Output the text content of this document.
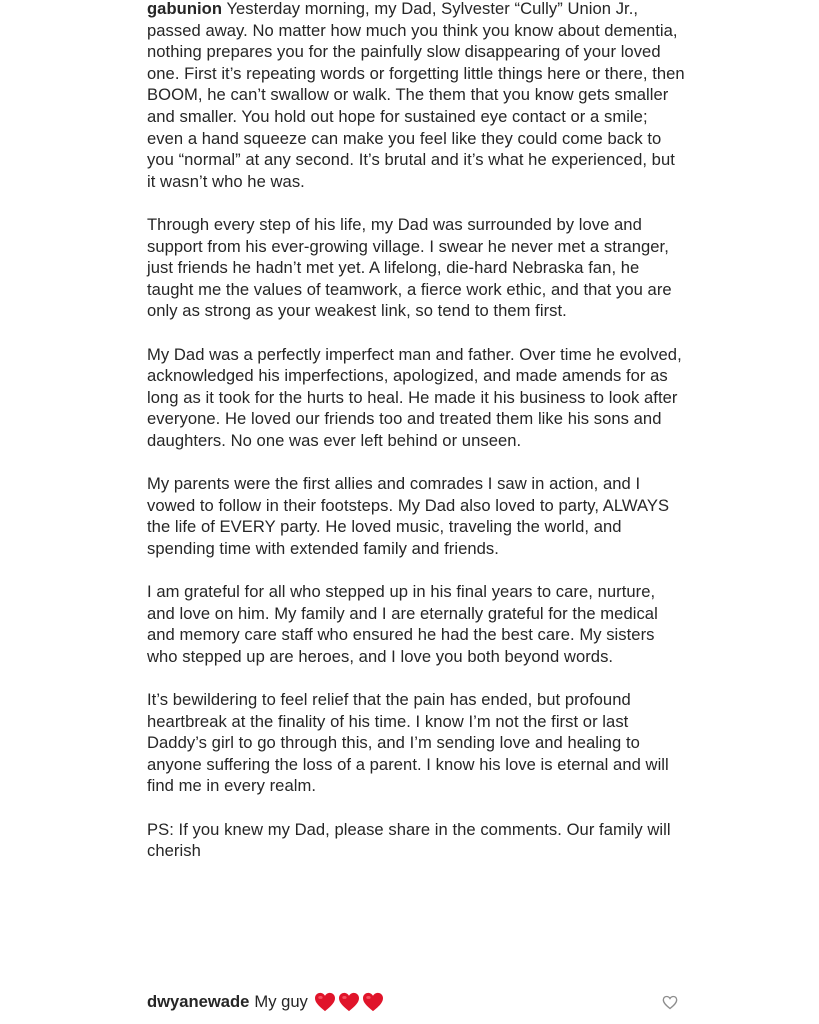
gabunion Yesterday morning, my Dad, Sylvester “Cully” Union Jr., passed away. No matter how much you think you know about dementia, nothing prepares you for the painfully slow disappearing of your loved one. First it’s repeating words or forgetting little things here or there, then BOOM, he can’t swallow or walk. The them that you know gets smaller and smaller. You hold out hope for sustained eye contact or a smile; even a hand squeeze can make you feel like they could come back to you “normal” at any second. It’s brutal and it’s what he experienced, but it wasn’t who he was.

Through every step of his life, my Dad was surrounded by love and support from his ever-growing village. I swear he never met a stranger, just friends he hadn’t met yet. A lifelong, die-hard Nebraska fan, he taught me the values of teamwork, a fierce work ethic, and that you are only as strong as your weakest link, so tend to them first.

My Dad was a perfectly imperfect man and father. Over time he evolved, acknowledged his imperfections, apologized, and made amends for as long as it took for the hurts to heal. He made it his business to look after everyone. He loved our friends too and treated them like his sons and daughters. No one was ever left behind or unseen.

My parents were the first allies and comrades I saw in action, and I vowed to follow in their footsteps. My Dad also loved to party, ALWAYS the life of EVERY party. He loved music, traveling the world, and spending time with extended family and friends.

I am grateful for all who stepped up in his final years to care, nurture, and love on him. My family and I are eternally grateful for the medical and memory care staff who ensured he had the best care. My sisters who stepped up are heroes, and I love you both beyond words.

It’s bewildering to feel relief that the pain has ended, but profound heartbreak at the finality of his time. I know I’m not the first or last Daddy’s girl to go through this, and I’m sending love and healing to anyone suffering the loss of a parent. I know his love is eternal and will find me in every realm.

PS: If you knew my Dad, please share in the comments. Our family will cherish

dwyanewade My guy
